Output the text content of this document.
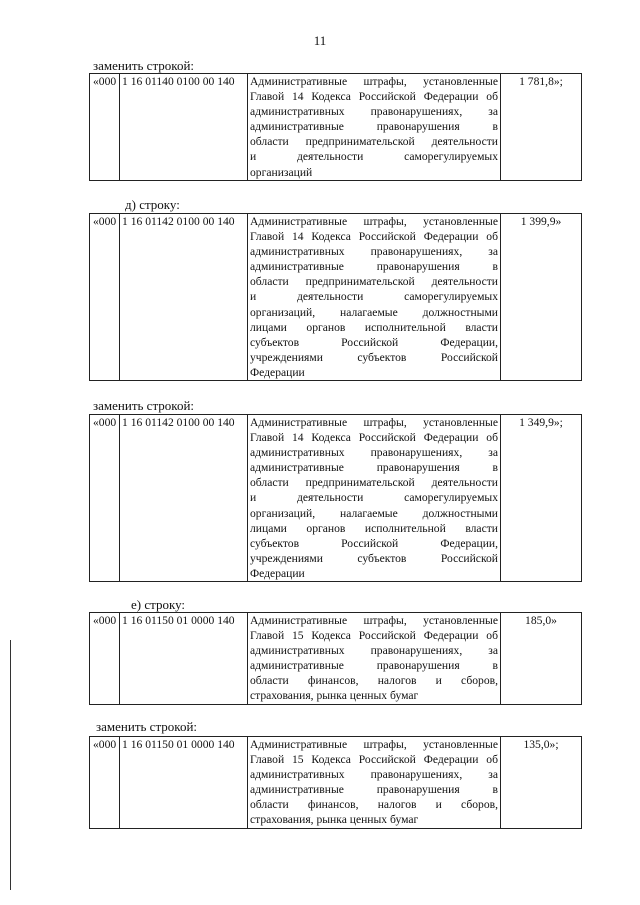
11
заменить строкой:
«000	1 16 01140 0100 00 140	Административные штрафы, установленные
Главой 14 Кодекса Российской Федерации об
административных правонарушениях, за
административные правонарушения в
области предпринимательской деятельности
и деятельности саморегулируемых
организаций
	1 781,8»;
д) строку:
«000	1 16 01142 0100 00 140	Административные штрафы, установленные
Главой 14 Кодекса Российской Федерации об
административных правонарушениях, за
административные правонарушения в
области предпринимательской деятельности
и деятельности саморегулируемых
организаций, налагаемые должностными
лицами органов исполнительной власти
субъектов Российской Федерации,
учреждениями субъектов Российской
Федерации
	1 399,9»
заменить строкой:
«000	1 16 01142 0100 00 140	Административные штрафы, установленные
Главой 14 Кодекса Российской Федерации об
административных правонарушениях, за
административные правонарушения в
области предпринимательской деятельности
и деятельности саморегулируемых
организаций, налагаемые должностными
лицами органов исполнительной власти
субъектов Российской Федерации,
учреждениями субъектов Российской
Федерации
	1 349,9»;
е) строку:
«000	1 16 01150 01 0000 140	Административные штрафы, установленные
Главой 15 Кодекса Российской Федерации об
административных правонарушениях, за
административные правонарушения в
области финансов, налогов и сборов,
страхования, рынка ценных бумаг
	185,0»
заменить строкой:
«000	1 16 01150 01 0000 140	Административные штрафы, установленные
Главой 15 Кодекса Российской Федерации об
административных правонарушениях, за
административные правонарушения в
области финансов, налогов и сборов,
страхования, рынка ценных бумаг
	135,0»;
